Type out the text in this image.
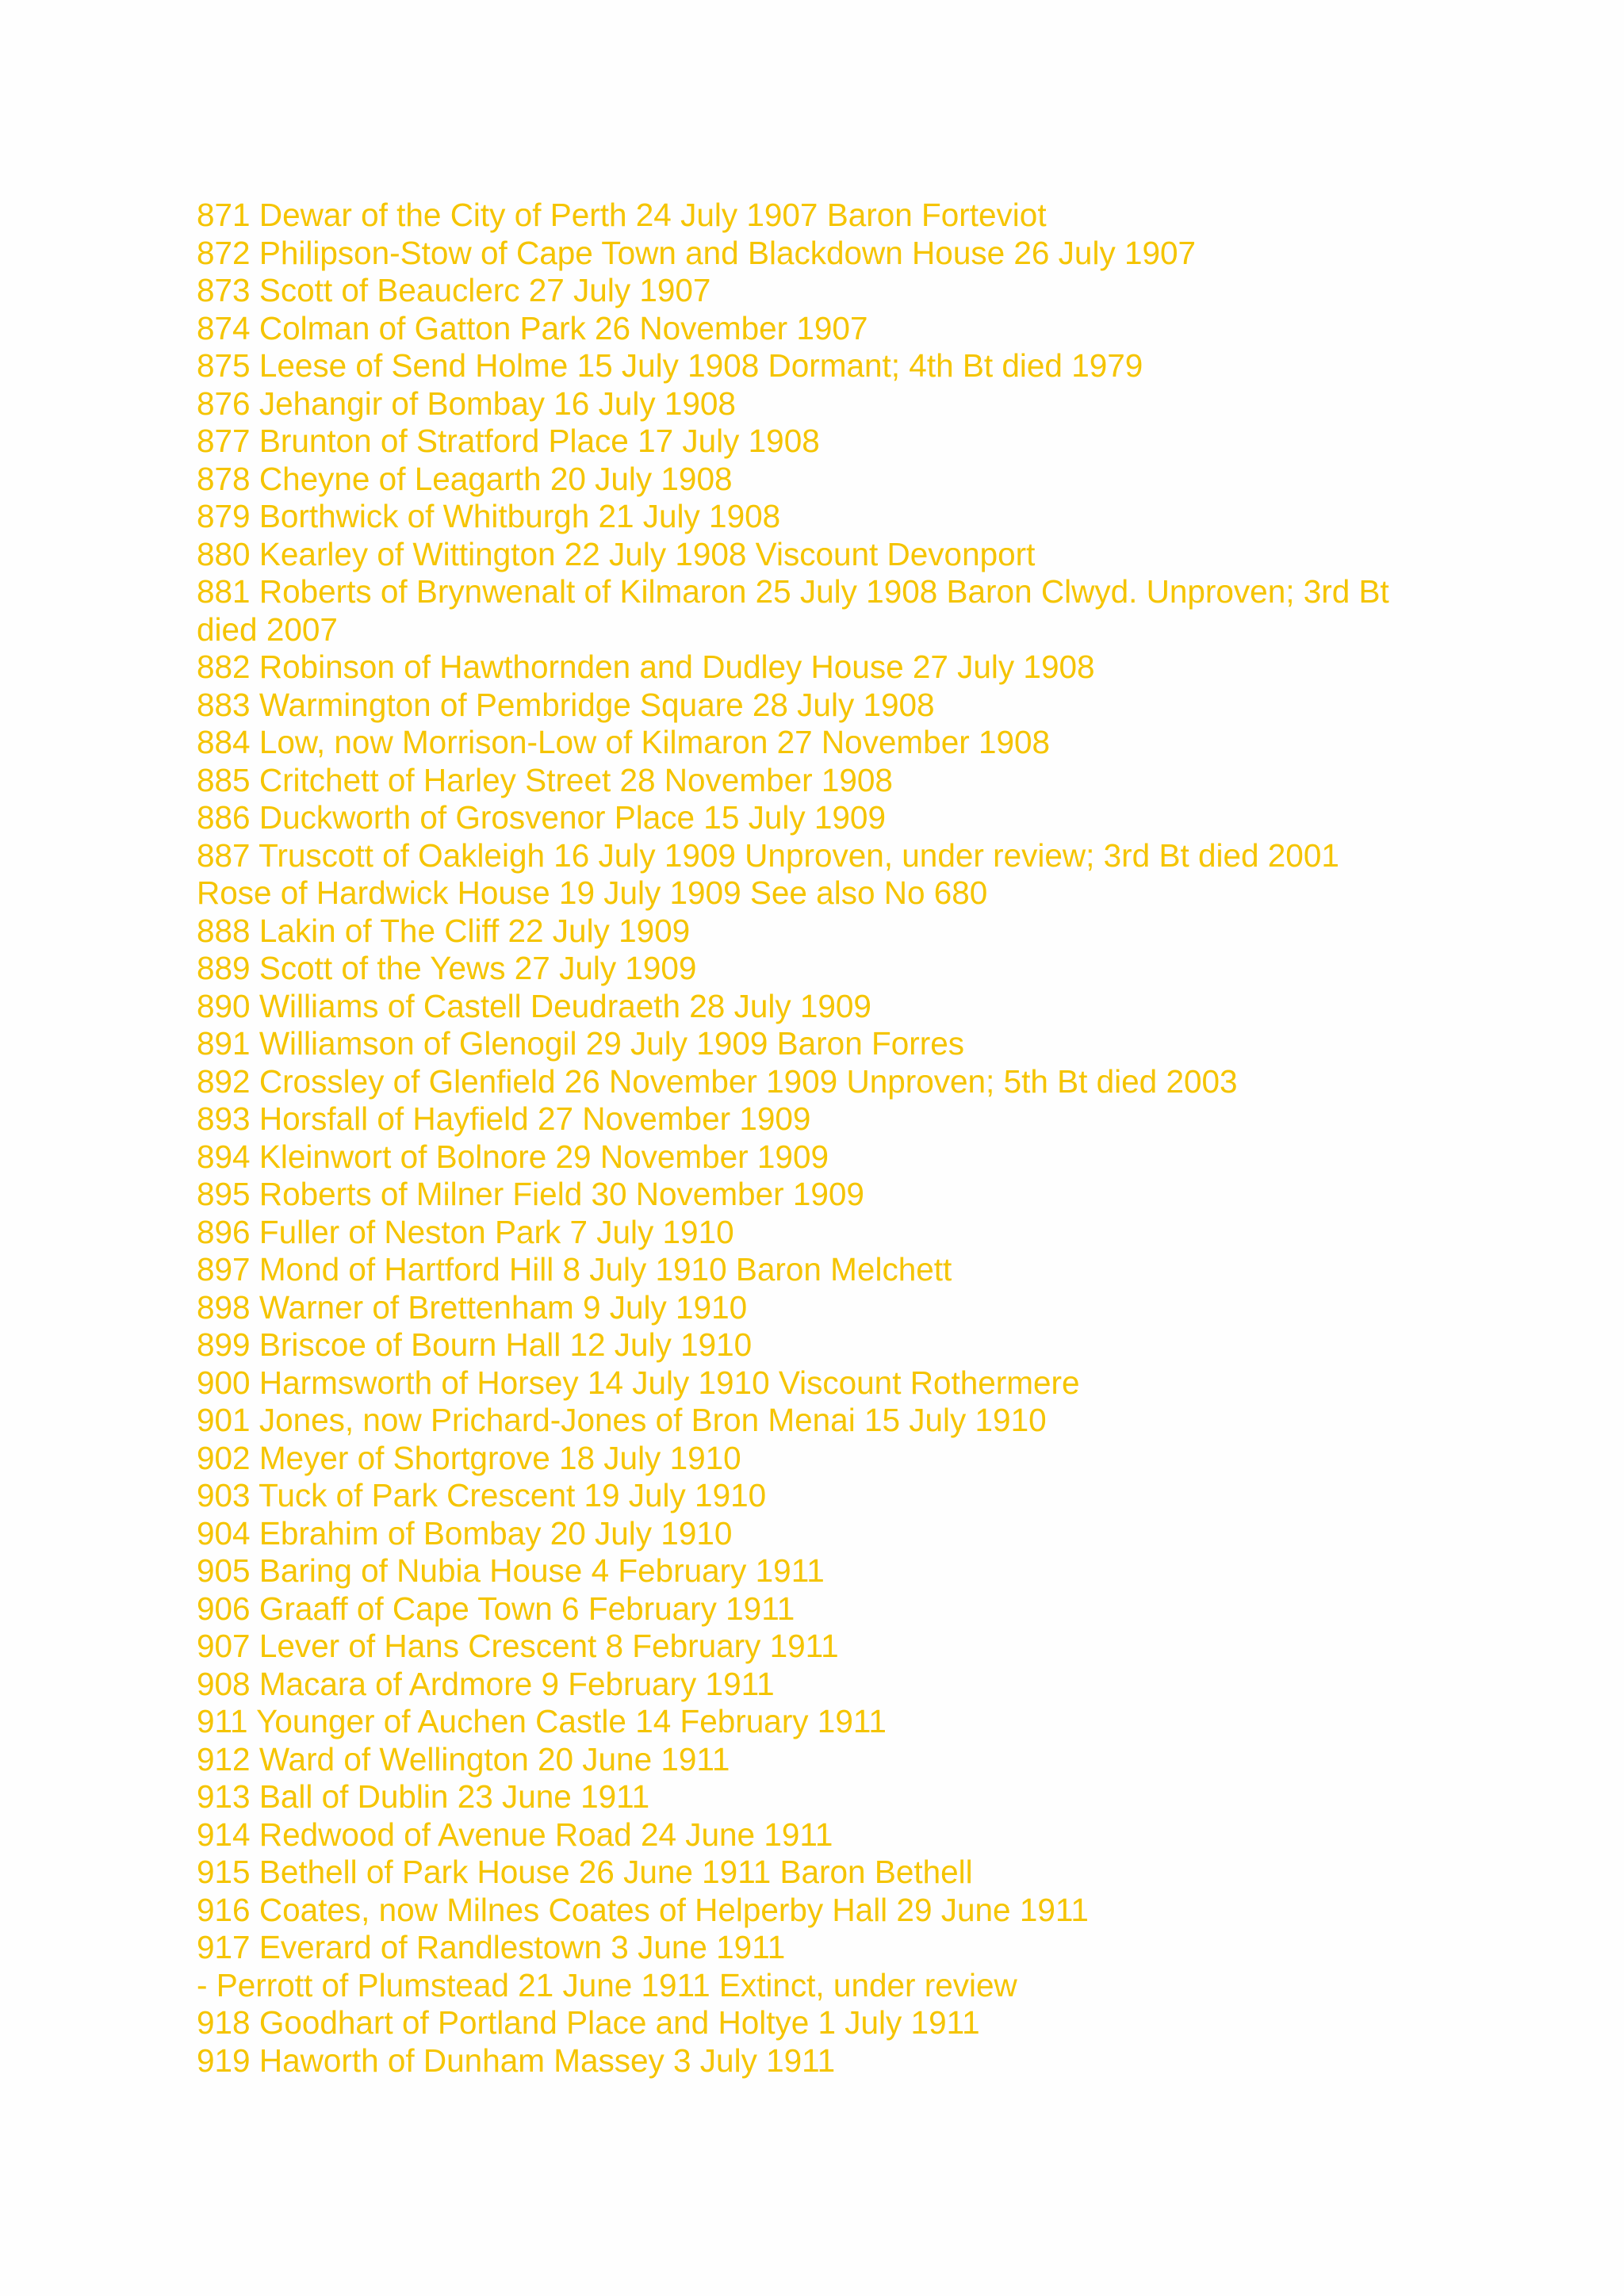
871 Dewar of the City of Perth 24 July 1907 Baron Forteviot
872 Philipson-Stow of Cape Town and Blackdown House 26 July 1907
873 Scott of Beauclerc 27 July 1907
874 Colman of Gatton Park 26 November 1907
875 Leese of Send Holme 15 July 1908 Dormant; 4th Bt died 1979
876 Jehangir of Bombay 16 July 1908
877 Brunton of Stratford Place 17 July 1908
878 Cheyne of Leagarth 20 July 1908
879 Borthwick of Whitburgh 21 July 1908
880 Kearley of Wittington 22 July 1908 Viscount Devonport
881 Roberts of Brynwenalt of Kilmaron 25 July 1908 Baron Clwyd. Unproven; 3rd Bt died 2007
882 Robinson of Hawthornden and Dudley House 27 July 1908
883 Warmington of Pembridge Square 28 July 1908
884 Low, now Morrison-Low of Kilmaron 27 November 1908
885 Critchett of Harley Street 28 November 1908
886 Duckworth of Grosvenor Place 15 July 1909
887 Truscott of Oakleigh 16 July 1909 Unproven, under review; 3rd Bt died 2001
Rose of Hardwick House 19 July 1909 See also No 680
888 Lakin of The Cliff 22 July 1909
889 Scott of the Yews 27 July 1909
890 Williams of Castell Deudraeth 28 July 1909
891 Williamson of Glenogil 29 July 1909 Baron Forres
892 Crossley of Glenfield 26 November 1909 Unproven; 5th Bt died 2003
893 Horsfall of Hayfield 27 November 1909
894 Kleinwort of Bolnore 29 November 1909
895 Roberts of Milner Field 30 November 1909
896 Fuller of Neston Park 7 July 1910
897 Mond of Hartford Hill 8 July 1910 Baron Melchett
898 Warner of Brettenham 9 July 1910
899 Briscoe of Bourn Hall 12 July 1910
900 Harmsworth of Horsey 14 July 1910 Viscount Rothermere
901 Jones, now Prichard-Jones of Bron Menai 15 July 1910
902 Meyer of Shortgrove 18 July 1910
903 Tuck of Park Crescent 19 July 1910
904 Ebrahim of Bombay 20 July 1910
905 Baring of Nubia House 4 February 1911
906 Graaff of Cape Town 6 February 1911
907 Lever of Hans Crescent 8 February 1911
908 Macara of Ardmore 9 February 1911
911 Younger of Auchen Castle 14 February 1911
912 Ward of Wellington 20 June 1911
913 Ball of Dublin 23 June 1911
914 Redwood of Avenue Road 24 June 1911
915 Bethell of Park House 26 June 1911 Baron Bethell
916 Coates, now Milnes Coates of Helperby Hall 29 June 1911
917 Everard of Randlestown 3 June 1911
- Perrott of Plumstead 21 June 1911 Extinct, under review
918 Goodhart of Portland Place and Holtye 1 July 1911
919 Haworth of Dunham Massey 3 July 1911
